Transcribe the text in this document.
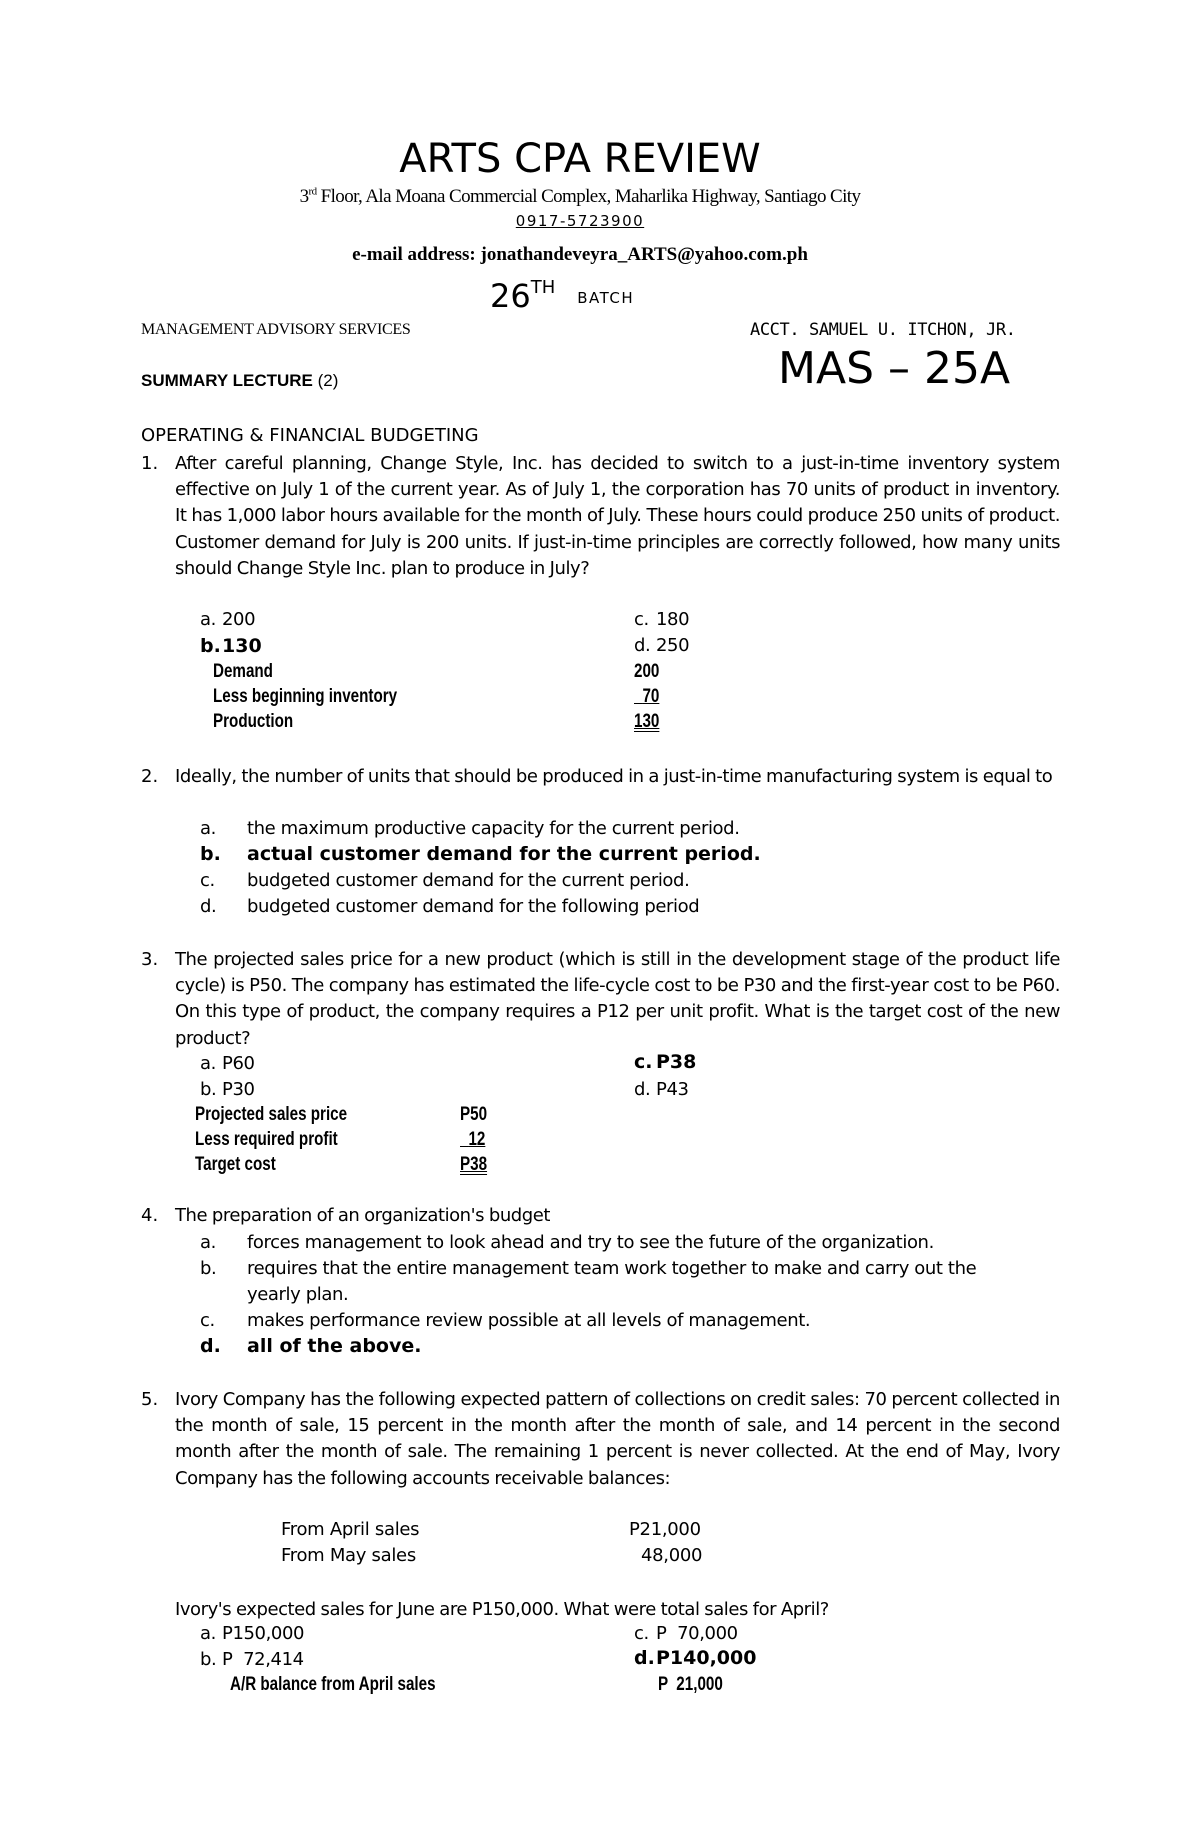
ARTS CPA REVIEW
3rd Floor, Ala Moana Commercial Complex, Maharlika Highway, Santiago City
0917-5723900
e-mail address: jonathandeveyra_ARTS@yahoo.com.ph
26TH BATCH
MANAGEMENT ADVISORY SERVICES	ACCT. SAMUEL U. ITCHON, JR.
SUMMARY LECTURE (2)	MAS – 25A
OPERATING & FINANCIAL BUDGETING
1. After careful planning, Change Style, Inc. has decided to switch to a just-in-time inventory system effective on July 1 of the current year. As of July 1, the corporation has 70 units of product in inventory. It has 1,000 labor hours available for the month of July. These hours could produce 250 units of product. Customer demand for July is 200 units. If just-in-time principles are correctly followed, how many units should Change Style Inc. plan to produce in July?
a. 200
b.130
c. 180
d. 250
Demand	200
Less beginning inventory	70
Production	130
2. Ideally, the number of units that should be produced in a just-in-time manufacturing system is equal to
a. the maximum productive capacity for the current period.
b. actual customer demand for the current period.
c. budgeted customer demand for the current period.
d. budgeted customer demand for the following period
3. The projected sales price for a new product (which is still in the development stage of the product life cycle) is P50. The company has estimated the life-cycle cost to be P30 and the first-year cost to be P60. On this type of product, the company requires a P12 per unit profit. What is the target cost of the new product?
a. P60
b. P30
c. P38
d. P43
Projected sales price	P50
Less required profit	12
Target cost	P38
4. The preparation of an organization's budget
a. forces management to look ahead and try to see the future of the organization.
b. requires that the entire management team work together to make and carry out the
yearly plan.
c. makes performance review possible at all levels of management.
d. all of the above.
5. Ivory Company has the following expected pattern of collections on credit sales: 70 percent collected in the month of sale, 15 percent in the month after the month of sale, and 14 percent in the second month after the month of sale. The remaining 1 percent is never collected. At the end of May, Ivory Company has the following accounts receivable balances:
From April sales	P21,000
From May sales	48,000
Ivory's expected sales for June are P150,000. What were total sales for April?
a. P150,000
b. P  72,414
c. P  70,000
d.P140,000
A/R balance from April sales	P  21,000
